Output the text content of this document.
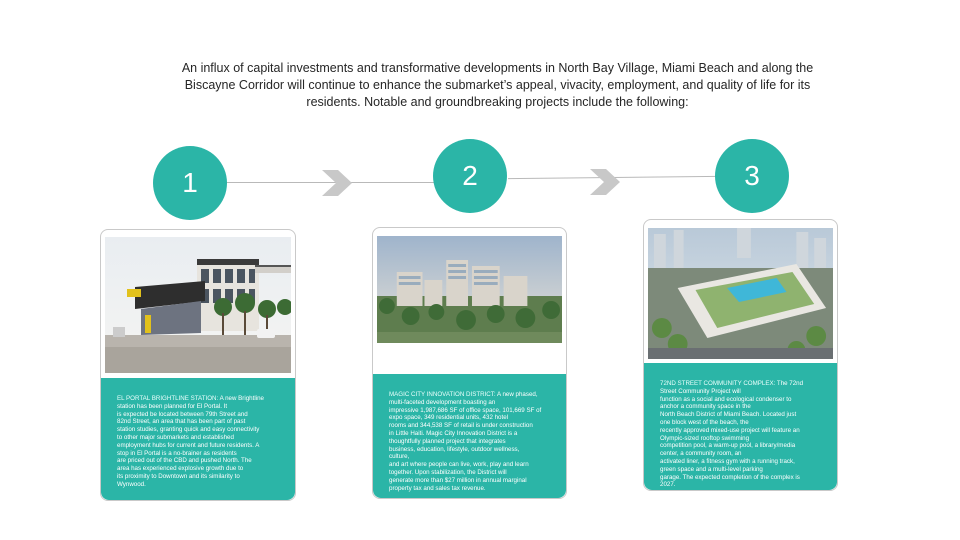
An influx of capital investments and transformative developments in North Bay Village, Miami Beach and along the
Biscayne Corridor will continue to enhance the submarket’s appeal, vivacity, employment, and quality of life for its
residents. Notable and groundbreaking projects include the following:
1	2	3

EL PORTAL BRIGHTLINE STATION: A new Brightline
station has been planned for El Portal. It
is expected be located between 79th Street and
82nd Street, an area that has been part of past
station studies, granting quick and easy connectivity
to other major submarkets and established
employment hubs for current and future residents. A
stop in El Portal is a no-brainer as residents
are priced out of the CBD and pushed North. The
area has experienced explosive growth due to
its proximity to Downtown and its similarity to
Wynwood.

MAGIC CITY INNOVATION DISTRICT: A new phased,
multi-faceted development boasting an
impressive 1,987,686 SF of office space, 101,669 SF of
expo space, 349 residential units, 432 hotel
rooms and 344,538 SF of retail is under construction
in Little Haiti. Magic City Innovation District is a
thoughtfully planned project that integrates
business, education, lifestyle, outdoor wellness,
culture,
and art where people can live, work, play and learn
together. Upon stabilization, the District will
generate more than $27 million in annual marginal
property tax and sales tax revenue.

72ND STREET COMMUNITY COMPLEX: The 72nd
Street Community Project will
function as a social and ecological condenser to
anchor a community space in the
North Beach District of Miami Beach. Located just
one block west of the beach, the
recently approved mixed-use project will feature an
Olympic-sized rooftop swimming
competition pool, a warm-up pool, a library/media
center, a community room, an
activated liner, a fitness gym with a running track,
green space and a multi-level parking
garage. The expected completion of the complex is
2027.
